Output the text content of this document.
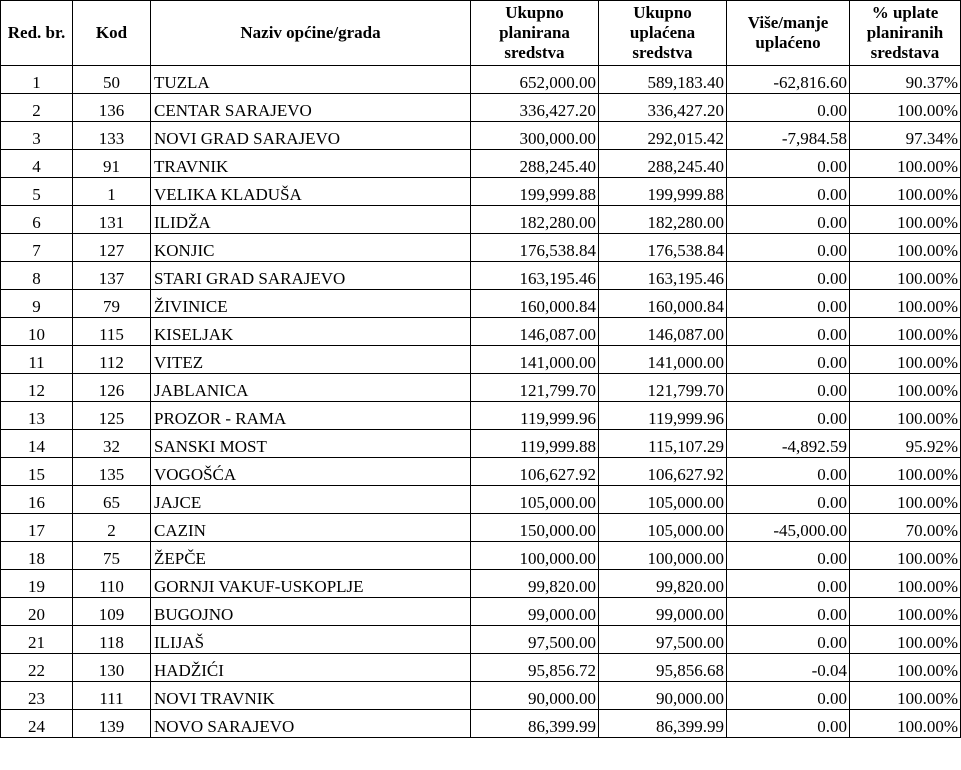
Red. br.	Kod	Naziv općine/grada	Ukupno planirana sredstva	Ukupno uplaćena sredstva	Više/manje uplaćeno	% uplate planiranih sredstava
1	50	TUZLA	652,000.00	589,183.40	-62,816.60	90.37%
2	136	CENTAR SARAJEVO	336,427.20	336,427.20	0.00	100.00%
3	133	NOVI GRAD SARAJEVO	300,000.00	292,015.42	-7,984.58	97.34%
4	91	TRAVNIK	288,245.40	288,245.40	0.00	100.00%
5	1	VELIKA KLADUŠA	199,999.88	199,999.88	0.00	100.00%
6	131	ILIDŽA	182,280.00	182,280.00	0.00	100.00%
7	127	KONJIC	176,538.84	176,538.84	0.00	100.00%
8	137	STARI GRAD SARAJEVO	163,195.46	163,195.46	0.00	100.00%
9	79	ŽIVINICE	160,000.84	160,000.84	0.00	100.00%
10	115	KISELJAK	146,087.00	146,087.00	0.00	100.00%
11	112	VITEZ	141,000.00	141,000.00	0.00	100.00%
12	126	JABLANICA	121,799.70	121,799.70	0.00	100.00%
13	125	PROZOR - RAMA	119,999.96	119,999.96	0.00	100.00%
14	32	SANSKI MOST	119,999.88	115,107.29	-4,892.59	95.92%
15	135	VOGOŠĆA	106,627.92	106,627.92	0.00	100.00%
16	65	JAJCE	105,000.00	105,000.00	0.00	100.00%
17	2	CAZIN	150,000.00	105,000.00	-45,000.00	70.00%
18	75	ŽEPČE	100,000.00	100,000.00	0.00	100.00%
19	110	GORNJI VAKUF-USKOPLJE	99,820.00	99,820.00	0.00	100.00%
20	109	BUGOJNO	99,000.00	99,000.00	0.00	100.00%
21	118	ILIJAŠ	97,500.00	97,500.00	0.00	100.00%
22	130	HADŽIĆI	95,856.72	95,856.68	-0.04	100.00%
23	111	NOVI TRAVNIK	90,000.00	90,000.00	0.00	100.00%
24	139	NOVO SARAJEVO	86,399.99	86,399.99	0.00	100.00%
